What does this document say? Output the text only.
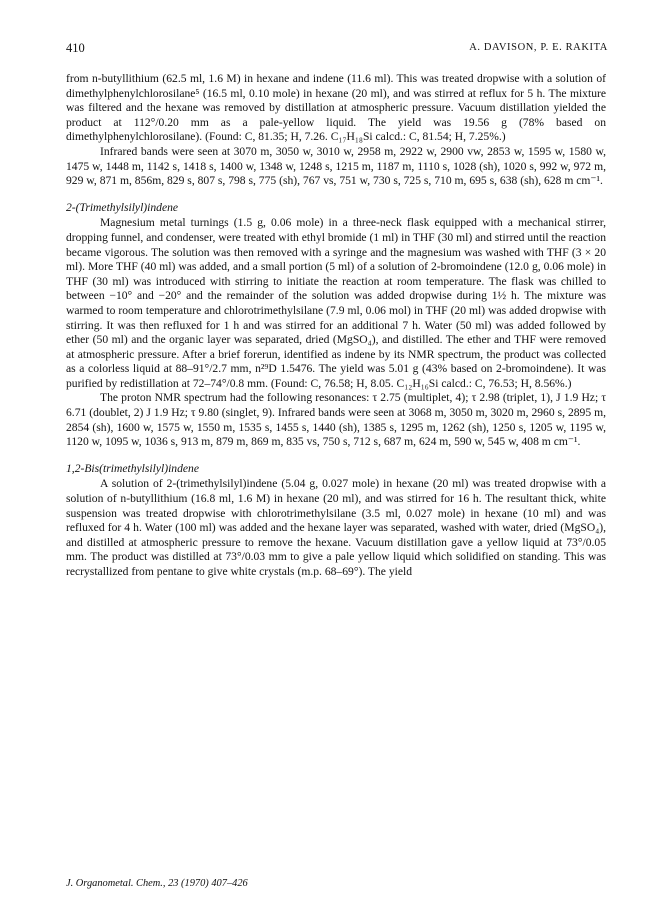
410	A. DAVISON, P. E. RAKITA

from n-butyllithium (62.5 ml, 1.6 M) in hexane and indene (11.6 ml). This was treated dropwise with a solution of dimethylphenylchlorosilane⁵ (16.5 ml, 0.10 mole) in hexane (20 ml), and was stirred at reflux for 5 h. The mixture was filtered and the hexane was removed by distillation at atmospheric pressure. Vacuum distillation yielded the product at 112°/0.20 mm as a pale-yellow liquid. The yield was 19.56 g (78% based on dimethylphenylchlorosilane). (Found: C, 81.35; H, 7.26. C₁₇H₁₈Si calcd.: C, 81.54; H, 7.25%.)

Infrared bands were seen at 3070 m, 3050 w, 3010 w, 2958 m, 2922 w, 2900 vw, 2853 w, 1595 w, 1580 w, 1475 w, 1448 m, 1142 s, 1418 s, 1400 w, 1348 w, 1248 s, 1215 m, 1187 m, 1110 s, 1028 (sh), 1020 s, 992 w, 972 m, 929 w, 871 m, 856m, 829 s, 807 s, 798 s, 775 (sh), 767 vs, 751 w, 730 s, 725 s, 710 m, 695 s, 638 (sh), 628 m cm⁻¹.

2-(Trimethylsilyl)indene

Magnesium metal turnings (1.5 g, 0.06 mole) in a three-neck flask equipped with a mechanical stirrer, dropping funnel, and condenser, were treated with ethyl bromide (1 ml) in THF (30 ml) and stirred until the reaction became vigorous. The solution was then removed with a syringe and the magnesium was washed with THF (3 × 20 ml). More THF (40 ml) was added, and a small portion (5 ml) of a solution of 2-bromoindene (12.0 g, 0.06 mole) in THF (30 ml) was introduced with stirring to initiate the reaction at room temperature. The flask was chilled to between −10° and −20° and the remainder of the solution was added dropwise during 1½ h. The mixture was warmed to room temperature and chlorotrimethylsilane (7.9 ml, 0.06 mol) in THF (20 ml) was added dropwise with stirring. It was then refluxed for 1 h and was stirred for an additional 7 h. Water (50 ml) was added followed by ether (50 ml) and the organic layer was separated, dried (MgSO₄), and distilled. The ether and THF were removed at atmospheric pressure. After a brief forerun, identified as indene by its NMR spectrum, the product was collected as a colorless liquid at 88–91°/2.7 mm, n²⁹D 1.5476. The yield was 5.01 g (43% based on 2-bromoindene). It was purified by redistillation at 72–74°/0.8 mm. (Found: C, 76.58; H, 8.05. C₁₂H₁₆Si calcd.: C, 76.53; H, 8.56%.)

The proton NMR spectrum had the following resonances: τ 2.75 (multiplet, 4); τ 2.98 (triplet, 1), J 1.9 Hz; τ 6.71 (doublet, 2) J 1.9 Hz; τ 9.80 (singlet, 9). Infrared bands were seen at 3068 m, 3050 m, 3020 m, 2960 s, 2895 m, 2854 (sh), 1600 w, 1575 w, 1550 m, 1535 s, 1455 s, 1440 (sh), 1385 s, 1295 m, 1262 (sh), 1250 s, 1205 w, 1195 w, 1120 w, 1095 w, 1036 s, 913 m, 879 m, 869 m, 835 vs, 750 s, 712 s, 687 m, 624 m, 590 w, 545 w, 408 m cm⁻¹.

1,2-Bis(trimethylsilyl)indene

A solution of 2-(trimethylsilyl)indene (5.04 g, 0.027 mole) in hexane (20 ml) was treated dropwise with a solution of n-butyllithium (16.8 ml, 1.6 M) in hexane (20 ml), and was stirred for 16 h. The resultant thick, white suspension was treated dropwise with chlorotrimethylsilane (3.5 ml, 0.027 mole) in hexane (10 ml) and was refluxed for 4 h. Water (100 ml) was added and the hexane layer was separated, washed with water, dried (MgSO₄), and distilled at atmospheric pressure to remove the hexane. Vacuum distillation gave a yellow liquid at 73°/0.05 mm. The product was distilled at 73°/0.03 mm to give a pale yellow liquid which solidified on standing. This was recrystallized from pentane to give white crystals (m.p. 68–69°). The yield

J. Organometal. Chem., 23 (1970) 407–426
